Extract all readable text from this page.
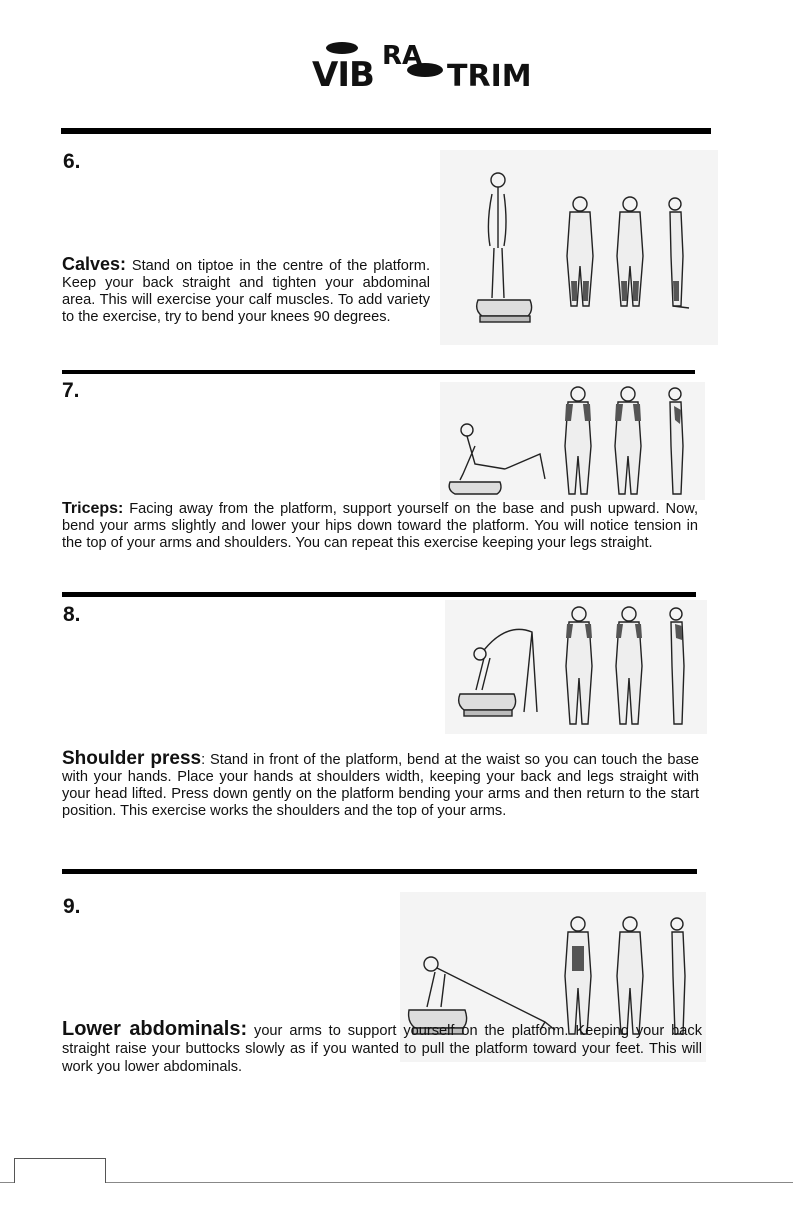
VIB RA
TRIM
6.
Calves: Stand on tiptoe in the centre of the platform. Keep your back straight and tighten your abdominal area. This will exercise your calf muscles. To add variety to the exercise, try to bend your knees 90 degrees.
7.
Triceps: Facing away from the platform, support yourself on the base and push upward. Now, bend your arms slightly and lower your hips down toward the platform. You will notice tension in the top of your arms and shoulders. You can repeat this exercise keeping your legs straight.
8.
Shoulder press: Stand in front of the platform, bend at the waist so you can touch the base with your hands. Place your hands at shoulders width, keeping your back and legs straight with your head lifted. Press down gently on the platform bending your arms and then return to the start position. This exercise works the shoulders and the top of your arms.
9.
Lower abdominals: your arms to support yourself on the platform. Keeping your back straight raise your buttocks slowly as if you wanted to pull the platform toward your feet. This will work you lower abdominals.
